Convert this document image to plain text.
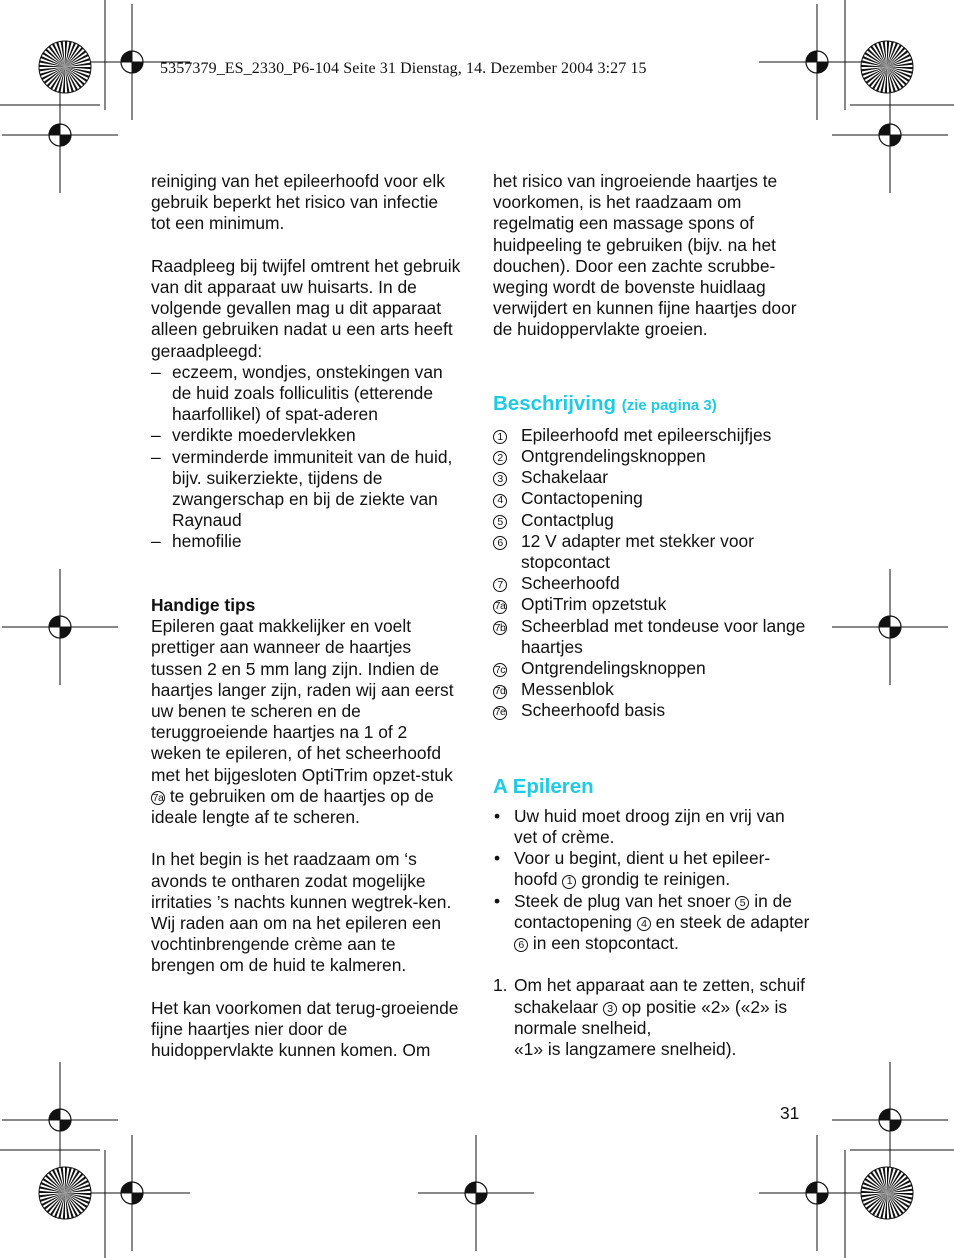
5357379_ES_2330_P6-104 Seite 31 Dienstag, 14. Dezember 2004 3:27 15

reiniging van het epileerhoofd voor elk gebruik beperkt het risico van infectie tot een minimum.

Raadpleeg bij twijfel omtrent het gebruik van dit apparaat uw huisarts. In de volgende gevallen mag u dit apparaat alleen gebruiken nadat u een arts heeft geraadpleegd:

– eczeem, wondjes, onstekingen van de huid zoals folliculitis (etterende haarfollikel) of spat-aderen
– verdikte moedervlekken
– verminderde immuniteit van de huid, bijv. suikerziekte, tijdens de zwangerschap en bij de ziekte van Raynaud
– hemofilie

Handige tips

Epileren gaat makkelijker en voelt prettiger aan wanneer de haartjes tussen 2 en 5 mm lang zijn. Indien de haartjes langer zijn, raden wij aan eerst uw benen te scheren en de teruggroeiende haartjes na 1 of 2 weken te epileren, of het scheerhoofd met het bijgesloten OptiTrim opzet-stuk 7a te gebruiken om de haartjes op de ideale lengte af te scheren.

In het begin is het raadzaam om ‘s avonds te ontharen zodat mogelijke irritaties ’s nachts kunnen wegtrek-ken. Wij raden aan om na het epileren een vochtinbrengende crème aan te brengen om de huid te kalmeren.

Het kan voorkomen dat terug-groeiende fijne haartjes nier door de huidoppervlakte kunnen komen. Om

het risico van ingroeiende haartjes te voorkomen, is het raadzaam om regelmatig een massage spons of huidpeeling te gebruiken (bijv. na het douchen). Door een zachte scrubbe-weging wordt de bovenste huidlaag verwijdert en kunnen fijne haartjes door de huidoppervlakte groeien.

Beschrijving (zie pagina 3)

1 Epileerhoofd met epileerschijfjes
2 Ontgrendelingsknoppen
3 Schakelaar
4 Contactopening
5 Contactplug
6 12 V adapter met stekker voor stopcontact
7 Scheerhoofd
7a OptiTrim opzetstuk
7b Scheerblad met tondeuse voor lange haartjes
7c Ontgrendelingsknoppen
7d Messenblok
7e Scheerhoofd basis

A Epileren

• Uw huid moet droog zijn en vrij van vet of crème.
• Voor u begint, dient u het epileer-hoofd 1 grondig te reinigen.
• Steek de plug van het snoer 5 in de contactopening 4 en steek de adapter 6 in een stopcontact.
1. Om het apparaat aan te zetten, schuif schakelaar 3 op positie «2» («2» is normale snelheid,
«1» is langzamere snelheid).
31
